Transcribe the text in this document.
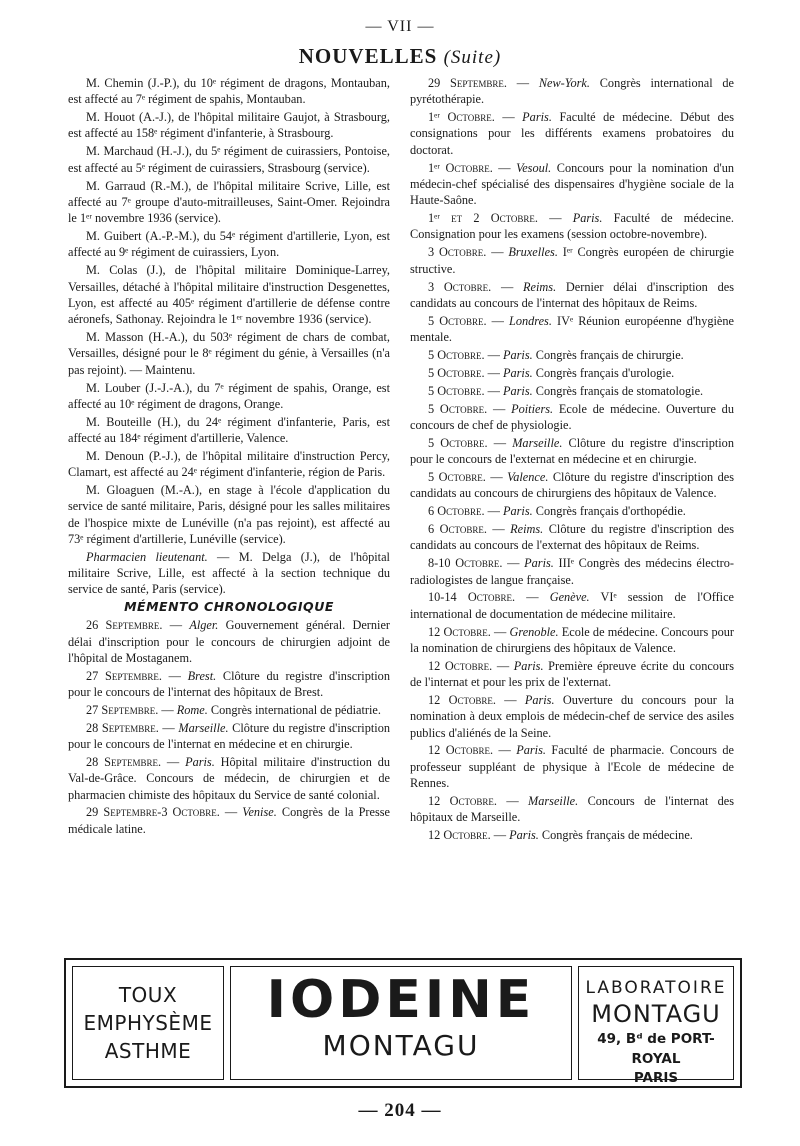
— VII —
NOUVELLES (Suite)

M. Chemin (J.-P.), du 10ᵉ régiment de dragons, Montauban, est affecté au 7ᵉ régiment de spahis, Montauban.

M. Houot (A.-J.), de l'hôpital militaire Gaujot, à Strasbourg, est affecté au 158ᵉ régiment d'infanterie, à Strasbourg.

M. Marchaud (H.-J.), du 5ᵉ régiment de cuirassiers, Pontoise, est affecté au 5ᵉ régiment de cuirassiers, Strasbourg (service).

M. Garraud (R.-M.), de l'hôpital militaire Scrive, Lille, est affecté au 7ᵉ groupe d'auto-mitrailleuses, Saint-Omer. Rejoindra le 1ᵉʳ novembre 1936 (service).

M. Guibert (A.-P.-M.), du 54ᵉ régiment d'artillerie, Lyon, est affecté au 9ᵉ régiment de cuirassiers, Lyon.

M. Colas (J.), de l'hôpital militaire Dominique-Larrey, Versailles, détaché à l'hôpital militaire d'instruction Desgenettes, Lyon, est affecté au 405ᵉ régiment d'artillerie de défense contre aéronefs, Sathonay. Rejoindra le 1ᵉʳ novembre 1936 (service).

M. Masson (H.-A.), du 503ᵉ régiment de chars de combat, Versailles, désigné pour le 8ᵉ régiment du génie, à Versailles (n'a pas rejoint). — Maintenu.

M. Louber (J.-J.-A.), du 7ᵉ régiment de spahis, Orange, est affecté au 10ᵉ régiment de dragons, Orange.

M. Bouteille (H.), du 24ᵉ régiment d'infanterie, Paris, est affecté au 184ᵉ régiment d'artillerie, Valence.

M. Denoun (P.-J.), de l'hôpital militaire d'instruction Percy, Clamart, est affecté au 24ᵉ régiment d'infanterie, région de Paris.

M. Gloaguen (M.-A.), en stage à l'école d'application du service de santé militaire, Paris, désigné pour les salles militaires de l'hospice mixte de Lunéville (n'a pas rejoint), est affecté au 73ᵉ régiment d'artillerie, Lunéville (service).

Pharmacien lieutenant. — M. Delga (J.), de l'hôpital militaire Scrive, Lille, est affecté à la section technique du service de santé, Paris (service).

MÉMENTO CHRONOLOGIQUE

26 Septembre. — Alger. Gouvernement général. Dernier délai d'inscription pour le concours de chirurgien adjoint de l'hôpital de Mostaganem.

27 Septembre. — Brest. Clôture du registre d'inscription pour le concours de l'internat des hôpitaux de Brest.

27 Septembre. — Rome. Congrès international de pédiatrie.

28 Septembre. — Marseille. Clôture du registre d'inscription pour le concours de l'internat en médecine et en chirurgie.

28 Septembre. — Paris. Hôpital militaire d'instruction du Val-de-Grâce. Concours de médecin, de chirurgien et de pharmacien chimiste des hôpitaux du Service de santé colonial.

29 Septembre-3 Octobre. — Venise. Congrès de la Presse médicale latine.

29 Septembre. — New-York. Congrès international de pyrétothérapie.

1ᵉʳ Octobre. — Paris. Faculté de médecine. Début des consignations pour les différents examens probatoires du doctorat.

1ᵉʳ Octobre. — Vesoul. Concours pour la nomination d'un médecin-chef spécialisé des dispensaires d'hygiène sociale de la Haute-Saône.

1ᵉʳ et 2 Octobre. — Paris. Faculté de médecine. Consignation pour les examens (session octobre-novembre).

3 Octobre. — Bruxelles. Iᵉʳ Congrès européen de chirurgie structive.

3 Octobre. — Reims. Dernier délai d'inscription des candidats au concours de l'internat des hôpitaux de Reims.

5 Octobre. — Londres. IVᵉ Réunion européenne d'hygiène mentale.

5 Octobre. — Paris. Congrès français de chirurgie.

5 Octobre. — Paris. Congrès français d'urologie.

5 Octobre. — Paris. Congrès français de stomatologie.

5 Octobre. — Poitiers. Ecole de médecine. Ouverture du concours de chef de physiologie.

5 Octobre. — Marseille. Clôture du registre d'inscription pour le concours de l'externat en médecine et en chirurgie.

5 Octobre. — Valence. Clôture du registre d'inscription des candidats au concours de chirurgiens des hôpitaux de Valence.

6 Octobre. — Paris. Congrès français d'orthopédie.

6 Octobre. — Reims. Clôture du registre d'inscription des candidats au concours de l'externat des hôpitaux de Reims.

8-10 Octobre. — Paris. IIIᵉ Congrès des médecins électro-radiologistes de langue française.

10-14 Octobre. — Genève. VIᵉ session de l'Office international de documentation de médecine militaire.

12 Octobre. — Grenoble. Ecole de médecine. Concours pour la nomination de chirurgiens des hôpitaux de Valence.

12 Octobre. — Paris. Première épreuve écrite du concours de l'internat et pour les prix de l'externat.

12 Octobre. — Paris. Ouverture du concours pour la nomination à deux emplois de médecin-chef de service des asiles publics d'aliénés de la Seine.

12 Octobre. — Paris. Faculté de pharmacie. Concours de professeur suppléant de physique à l'Ecole de médecine de Rennes.

12 Octobre. — Marseille. Concours de l'internat des hôpitaux de Marseille.

12 Octobre. — Paris. Congrès français de médecine.

TOUX
EMPHYSÈME
ASTHME
IODEINE
MONTAGU
LABORATOIRE
MONTAGU
49, Bᵈ de PORT-ROYAL
PARIS
— 204 —
